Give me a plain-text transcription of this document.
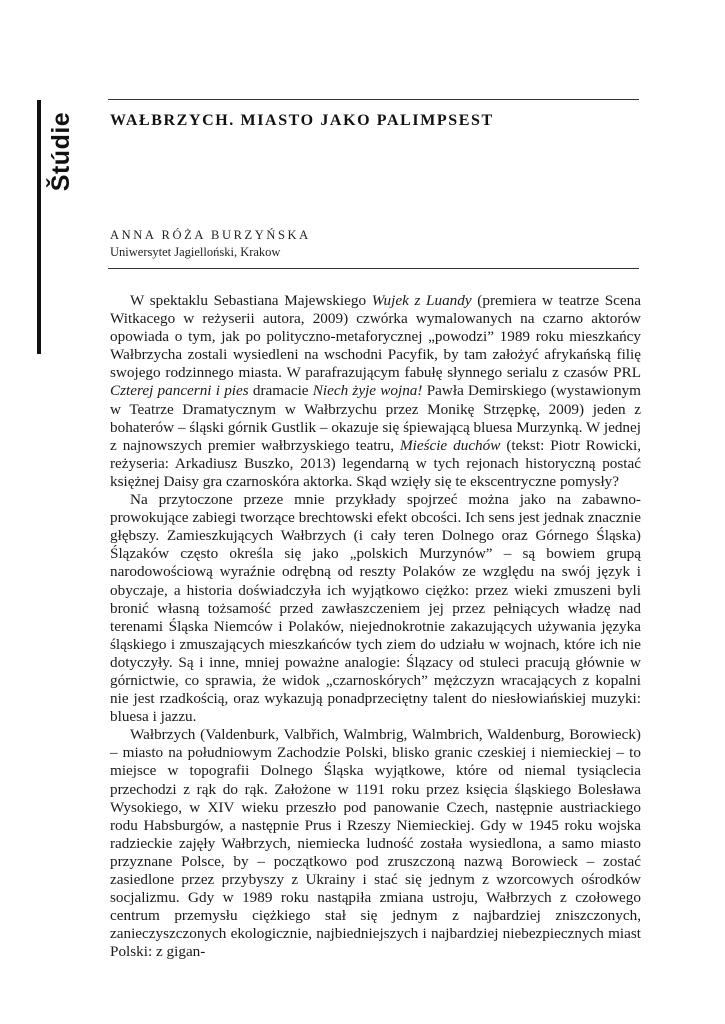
Štúdie WAŁBRZYCH. MIASTO JAKO PALIMPSEST
ANNA RÓŻA BURZYŃSKA
Uniwersytet Jagielloński, Krakow

W spektaklu Sebastiana Majewskiego Wujek z Luandy (premiera w teatrze Scena Witkacego w reżyserii autora, 2009) czwórka wymalowanych na czarno aktorów opowiada o tym, jak po polityczno-metaforycznej „powodzi” 1989 roku mieszkańcy Wałbrzycha zostali wysiedleni na wschodni Pacyfik, by tam założyć afrykańską filię swojego rodzinnego miasta. W parafrazującym fabułę słynnego serialu z czasów PRL Czterej pancerni i pies dramacie Niech żyje wojna! Pawła Demirskiego (wystawionym w Teatrze Dramatycznym w Wałbrzychu przez Monikę Strzępkę, 2009) jeden z bohaterów – śląski górnik Gustlik – okazuje się śpiewającą bluesa Murzynką. W jednej z najnowszych premier wałbrzyskiego teatru, Mieście duchów (tekst: Piotr Rowicki, reżyseria: Arkadiusz Buszko, 2013) legendarną w tych rejonach historyczną postać księżnej Daisy gra czarnoskóra aktorka. Skąd wzięły się te ekscentryczne pomysły?

Na przytoczone przeze mnie przykłady spojrzeć można jako na zabawno-prowokujące zabiegi tworzące brechtowski efekt obcości. Ich sens jest jednak znacznie głębszy. Zamieszkujących Wałbrzych (i cały teren Dolnego oraz Górnego Śląska) Ślązaków często określa się jako „polskich Murzynów” – są bowiem grupą narodowościową wyraźnie odrębną od reszty Polaków ze względu na swój język i obyczaje, a historia doświadczyła ich wyjątkowo ciężko: przez wieki zmuszeni byli bronić własną tożsamość przed zawłaszczeniem jej przez pełniących władzę nad terenami Śląska Niemców i Polaków, niejednokrotnie zakazujących używania języka śląskiego i zmuszających mieszkańców tych ziem do udziału w wojnach, które ich nie dotyczyły. Są i inne, mniej poważne analogie: Ślązacy od stuleci pracują głównie w górnictwie, co sprawia, że widok „czarnoskórych” mężczyzn wracających z kopalni nie jest rzadkością, oraz wykazują ponadprzeciętny talent do niesłowiańskiej muzyki: bluesa i jazzu.

Wałbrzych (Valdenburk, Valbřich, Walmbrig, Walmbrich, Waldenburg, Borowieck) – miasto na południowym Zachodzie Polski, blisko granic czeskiej i niemieckiej – to miejsce w topografii Dolnego Śląska wyjątkowe, które od niemal tysiąclecia przechodzi z rąk do rąk. Założone w 1191 roku przez księcia śląskiego Bolesława Wysokiego, w XIV wieku przeszło pod panowanie Czech, następnie austriackiego rodu Habsburgów, a następnie Prus i Rzeszy Niemieckiej. Gdy w 1945 roku wojska radzieckie zajęły Wałbrzych, niemiecka ludność została wysiedlona, a samo miasto przyznane Polsce, by – początkowo pod zruszczoną nazwą Borowieck – zostać zasiedlone przez przybyszy z Ukrainy i stać się jednym z wzorcowych ośrodków socjalizmu. Gdy w 1989 roku nastąpiła zmiana ustroju, Wałbrzych z czołowego centrum przemysłu ciężkiego stał się jednym z najbardziej zniszczonych, zanieczyszczonych ekologicznie, najbiedniejszych i najbardziej niebezpiecznych miast Polski: z gigan-
